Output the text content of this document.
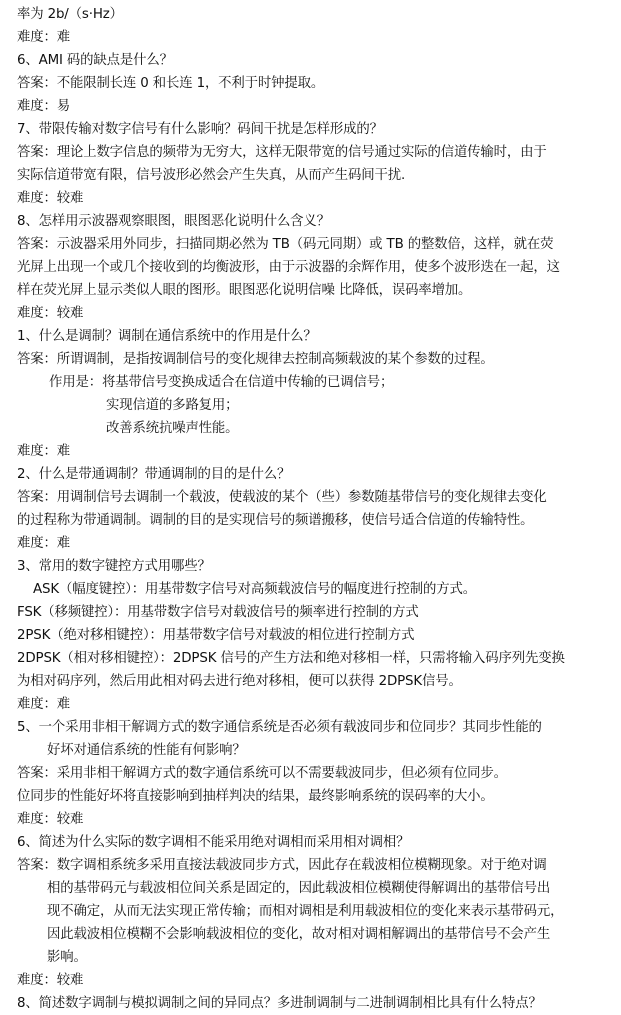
率为 2b/（s·Hz）
难度：难
6、AMI 码的缺点是什么？
答案：不能限制长连 0 和长连 1，不利于时钟提取。
难度：易
7、带限传输对数字信号有什么影响？码间干扰是怎样形成的？
答案：理论上数字信息的频带为无穷大，这样无限带宽的信号通过实际的信道传输时，由于
实际信道带宽有限，信号波形必然会产生失真，从而产生码间干扰.
难度：较难
8、怎样用示波器观察眼图，眼图恶化说明什么含义？
答案：示波器采用外同步，扫描同期必然为 TB（码元同期）或 TB 的整数倍，这样，就在荧
光屏上出现一个或几个接收到的均衡波形，由于示波器的余辉作用，使多个波形迭在一起，这
样在荧光屏上显示类似人眼的图形。眼图恶化说明信噪 比降低，误码率增加。
难度：较难
1、什么是调制？调制在通信系统中的作用是什么？
答案：所谓调制，是指按调制信号的变化规律去控制高频载波的某个参数的过程。
作用是：将基带信号变换成适合在信道中传输的已调信号；
实现信道的多路复用；
改善系统抗噪声性能。
难度：难
2、什么是带通调制？带通调制的目的是什么？
答案：用调制信号去调制一个载波，使载波的某个（些）参数随基带信号的变化规律去变化
的过程称为带通调制。调制的目的是实现信号的频谱搬移，使信号适合信道的传输特性。
难度：难
3、常用的数字键控方式用哪些？
ASK（幅度键控）：用基带数字信号对高频载波信号的幅度进行控制的方式。
FSK（移频键控）：用基带数字信号对载波信号的频率进行控制的方式
2PSK（绝对移相键控）：用基带数字信号对载波的相位进行控制方式
2DPSK（相对移相键控）：2DPSK 信号的产生方法和绝对移相一样，只需将输入码序列先变换
为相对码序列，然后用此相对码去进行绝对移相，便可以获得 2DPSK信号。
难度：难
5、一个采用非相干解调方式的数字通信系统是否必须有载波同步和位同步？其同步性能的
好坏对通信系统的性能有何影响？
答案：采用非相干解调方式的数字通信系统可以不需要载波同步，但必须有位同步。
位同步的性能好坏将直接影响到抽样判决的结果，最终影响系统的误码率的大小。
难度：较难
6、简述为什么实际的数字调相不能采用绝对调相而采用相对调相？
答案：数字调相系统多采用直接法载波同步方式，因此存在载波相位模糊现象。对于绝对调
相的基带码元与载波相位间关系是固定的，因此载波相位模糊使得解调出的基带信号出
现不确定，从而无法实现正常传输；而相对调相是利用载波相位的变化来表示基带码元，
因此载波相位模糊不会影响载波相位的变化，故对相对调相解调出的基带信号不会产生
影响。
难度：较难
8、简述数字调制与模拟调制之间的异同点？多进制调制与二进制调制相比具有什么特点？
